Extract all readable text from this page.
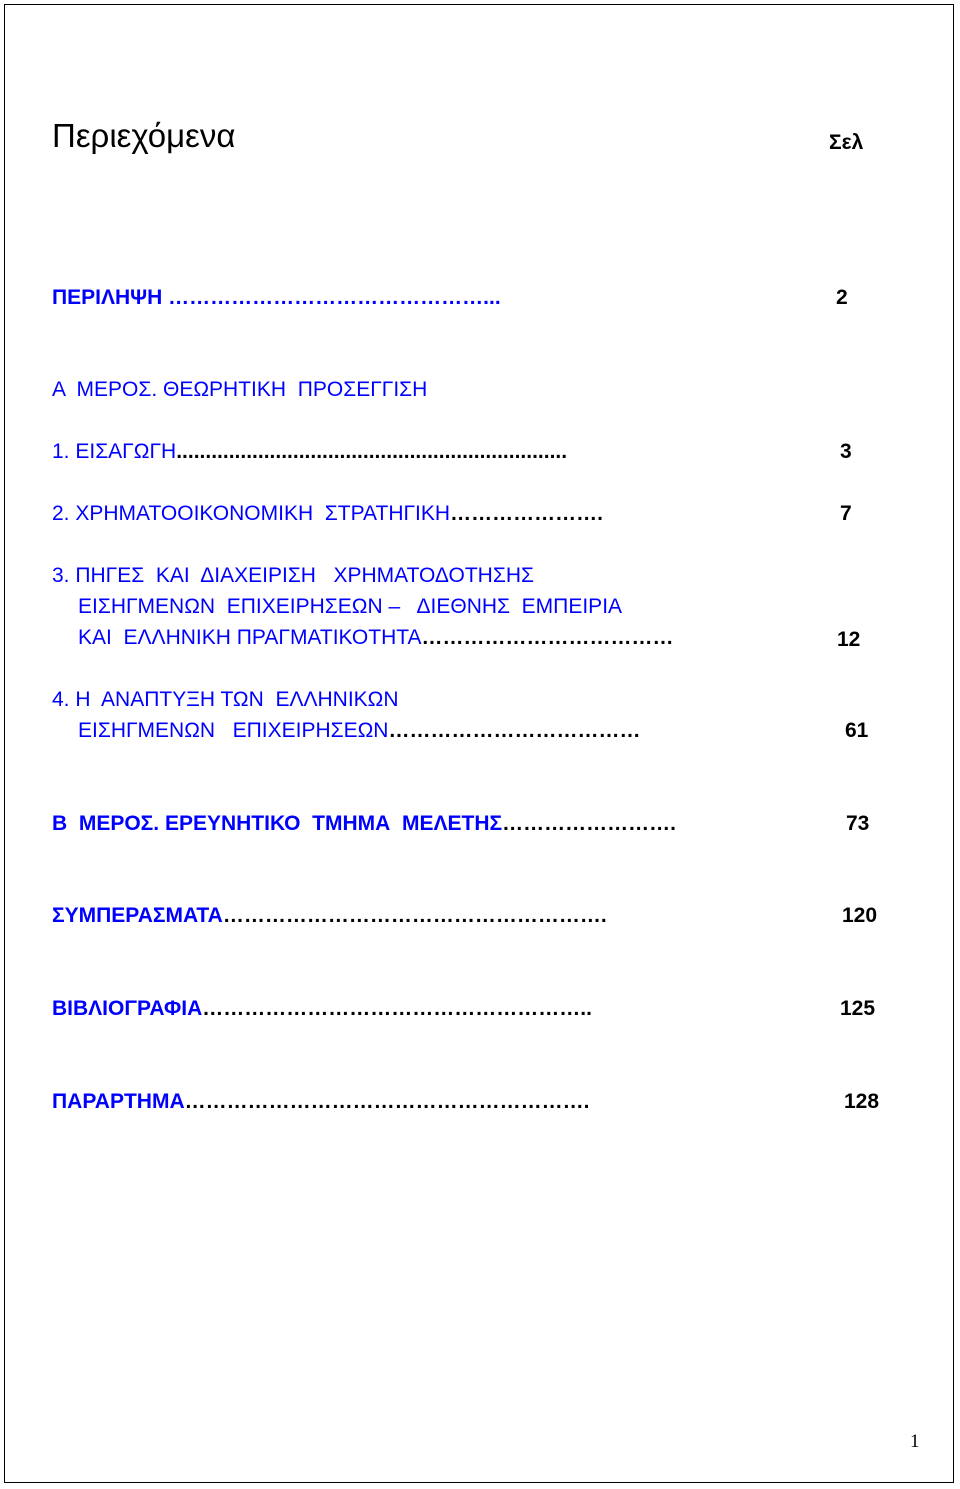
Περιεχόμενα	Σελ
ΠΕΡΙΛΗΨΗ ………………………………………...	2
Α  ΜΕΡΟΣ. ΘΕΩΡΗΤΙΚΗ  ΠΡΟΣΕΓΓΙΣΗ
1. ΕΙΣΑΓΩΓΗ...................................................................	3
2. ΧΡΗΜΑΤΟΟΙΚΟΝΟΜΙΚΗ  ΣΤΡΑΤΗΓΙΚΗ………………….	7
3. ΠΗΓΕΣ  ΚΑΙ  ΔΙΑΧΕΙΡΙΣΗ   ΧΡΗΜΑΤΟΔΟΤΗΣΗΣ
ΕΙΣΗΓΜΕΝΩΝ  ΕΠΙΧΕΙΡΗΣΕΩΝ –   ΔΙΕΘΝΗΣ  ΕΜΠΕΙΡΙΑ
ΚΑΙ  ΕΛΛΗΝΙΚΗ ΠΡΑΓΜΑΤΙΚΟΤΗΤΑ………………………………	12
4. Η  ΑΝΑΠΤΥΞΗ ΤΩΝ  ΕΛΛΗΝΙΚΩΝ
ΕΙΣΗΓΜΕΝΩΝ   ΕΠΙΧΕΙΡΗΣΕΩΝ………………………………	61
Β  ΜΕΡΟΣ. ΕΡΕΥΝΗΤΙΚΟ  ΤΜΗΜΑ  ΜΕΛΕΤΗΣ…………………….	73
ΣΥΜΠΕΡΑΣΜΑΤΑ……………………………………………….	120
ΒΙΒΛΙΟΓΡΑΦΙΑ………………………………………………..	125
ΠΑΡΑΡΤΗΜΑ………………………………………………….	128
1
